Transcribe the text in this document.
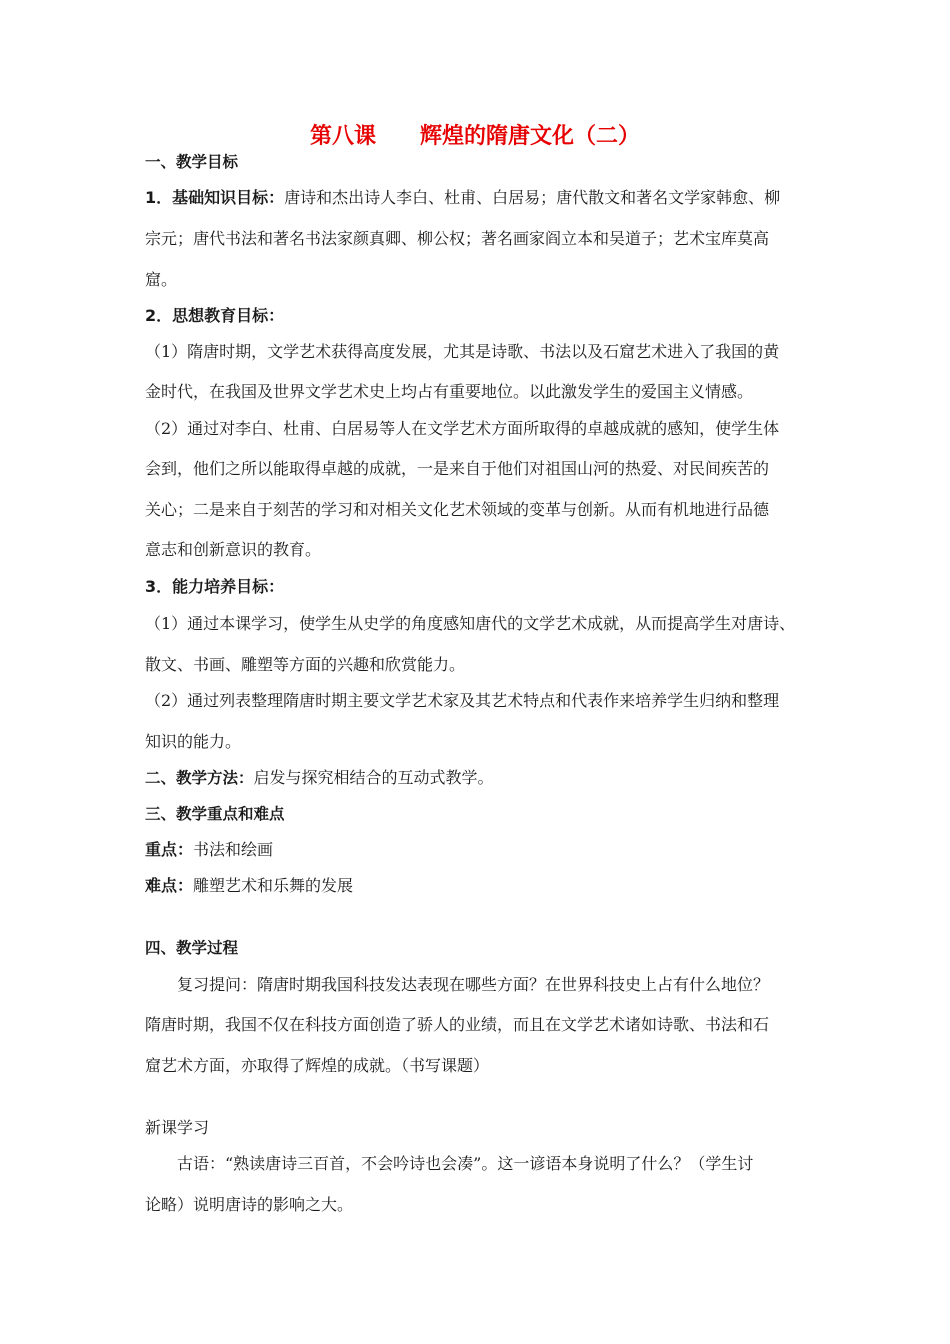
第八课　　辉煌的隋唐文化（二）
一、教学目标
1．基础知识目标：唐诗和杰出诗人李白、杜甫、白居易；唐代散文和著名文学家韩愈、柳
宗元；唐代书法和著名书法家颜真卿、柳公权；著名画家阎立本和吴道子；艺术宝库莫高
窟。
2．思想教育目标：
（1）隋唐时期，文学艺术获得高度发展，尤其是诗歌、书法以及石窟艺术进入了我国的黄
金时代，在我国及世界文学艺术史上均占有重要地位。以此激发学生的爱国主义情感。
（2）通过对李白、杜甫、白居易等人在文学艺术方面所取得的卓越成就的感知，使学生体
会到，他们之所以能取得卓越的成就，一是来自于他们对祖国山河的热爱、对民间疾苦的
关心；二是来自于刻苦的学习和对相关文化艺术领域的变革与创新。从而有机地进行品德
意志和创新意识的教育。
3．能力培养目标：
（1）通过本课学习，使学生从史学的角度感知唐代的文学艺术成就，从而提高学生对唐诗、
散文、书画、雕塑等方面的兴趣和欣赏能力。
（2）通过列表整理隋唐时期主要文学艺术家及其艺术特点和代表作来培养学生归纳和整理
知识的能力。
二、教学方法：启发与探究相结合的互动式教学。
三、教学重点和难点
重点：书法和绘画
难点：雕塑艺术和乐舞的发展
四、教学过程
复习提问：隋唐时期我国科技发达表现在哪些方面？在世界科技史上占有什么地位？
隋唐时期，我国不仅在科技方面创造了骄人的业绩，而且在文学艺术诸如诗歌、书法和石
窟艺术方面，亦取得了辉煌的成就。（书写课题）
新课学习
古语：“熟读唐诗三百首，不会吟诗也会凑”。这一谚语本身说明了什么？（学生讨
论略）说明唐诗的影响之大。
